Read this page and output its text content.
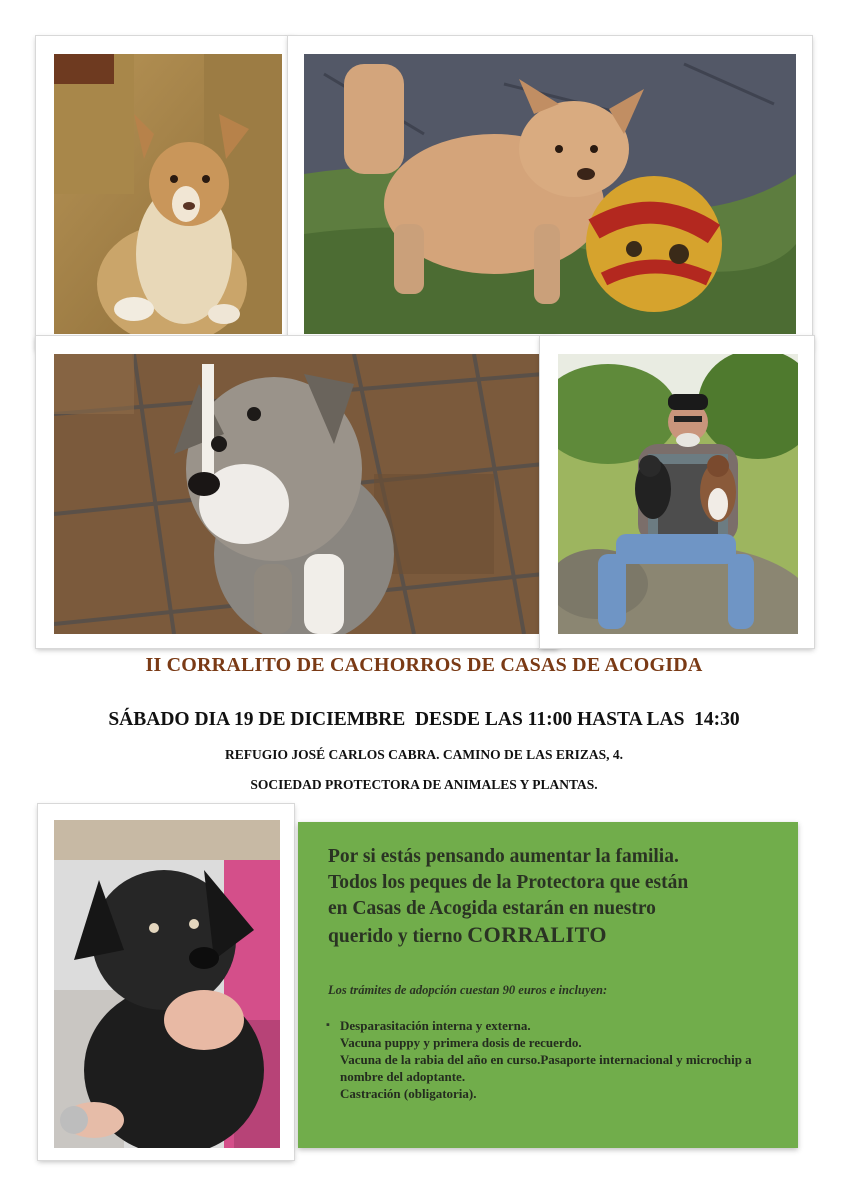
II CORRALITO DE CACHORROS DE CASAS DE ACOGIDA
SÁBADO DIA 19 DE DICIEMBRE  DESDE LAS 11:00 HASTA LAS  14:30
REFUGIO JOSÉ CARLOS CABRA. CAMINO DE LAS ERIZAS, 4.
SOCIEDAD PROTECTORA DE ANIMALES Y PLANTAS.
Por si estás pensando aumentar la familia.
Todos los peques de la Protectora que están
en Casas de Acogida estarán en nuestro
querido y tierno CORRALITO
Los trámites de adopción cuestan 90 euros e incluyen:
▪ Desparasitación interna y externa.
Vacuna puppy y primera dosis de recuerdo.
Vacuna de la rabia del año en curso.Pasaporte internacional y microchip a nombre del adoptante.
Castración (obligatoria).
